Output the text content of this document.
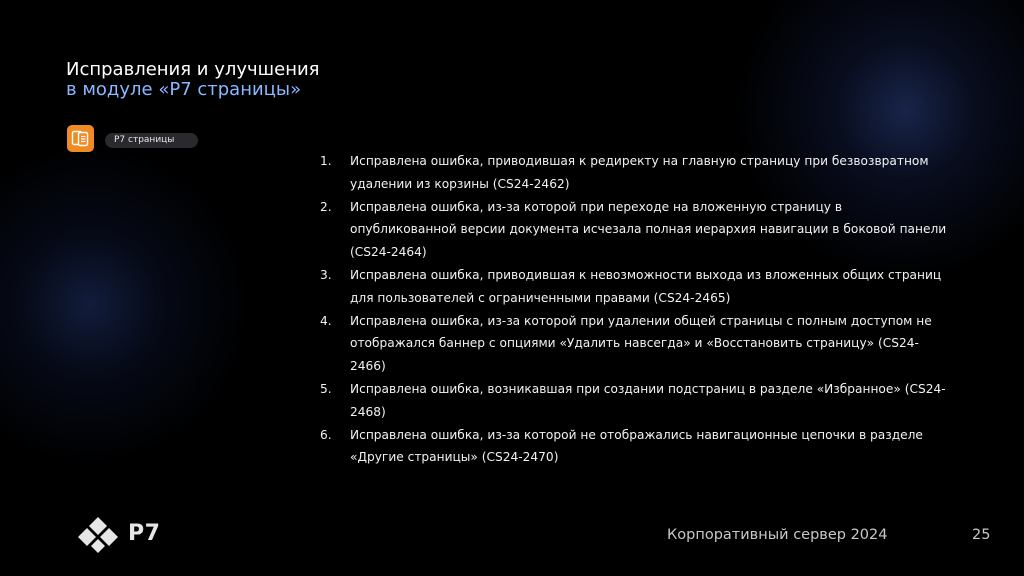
Исправления и улучшения
в модуле «Р7 страницы»
Р7 страницы
1.	Исправлена ошибка, приводившая к редиректу на главную страницу при безвозвратном удалении из корзины (CS24-2462)
2.	Исправлена ошибка, из-за которой при переходе на вложенную страницу в опубликованной версии документа исчезала полная иерархия навигации в боковой панели (CS24-2464)
3.	Исправлена ошибка, приводившая к невозможности выхода из вложенных общих страниц для пользователей с ограниченными правами (CS24-2465)
4.	Исправлена ошибка, из-за которой при удалении общей страницы с полным доступом не отображался баннер с опциями «Удалить навсегда» и «Восстановить страницу» (CS24-2466)
5.	Исправлена ошибка, возникавшая при создании подстраниц в разделе «Избранное» (CS24-2468)
6.	Исправлена ошибка, из-за которой не отображались навигационные цепочки в разделе «Другие страницы» (CS24-2470)
Р7	Корпоративный сервер 2024	25
